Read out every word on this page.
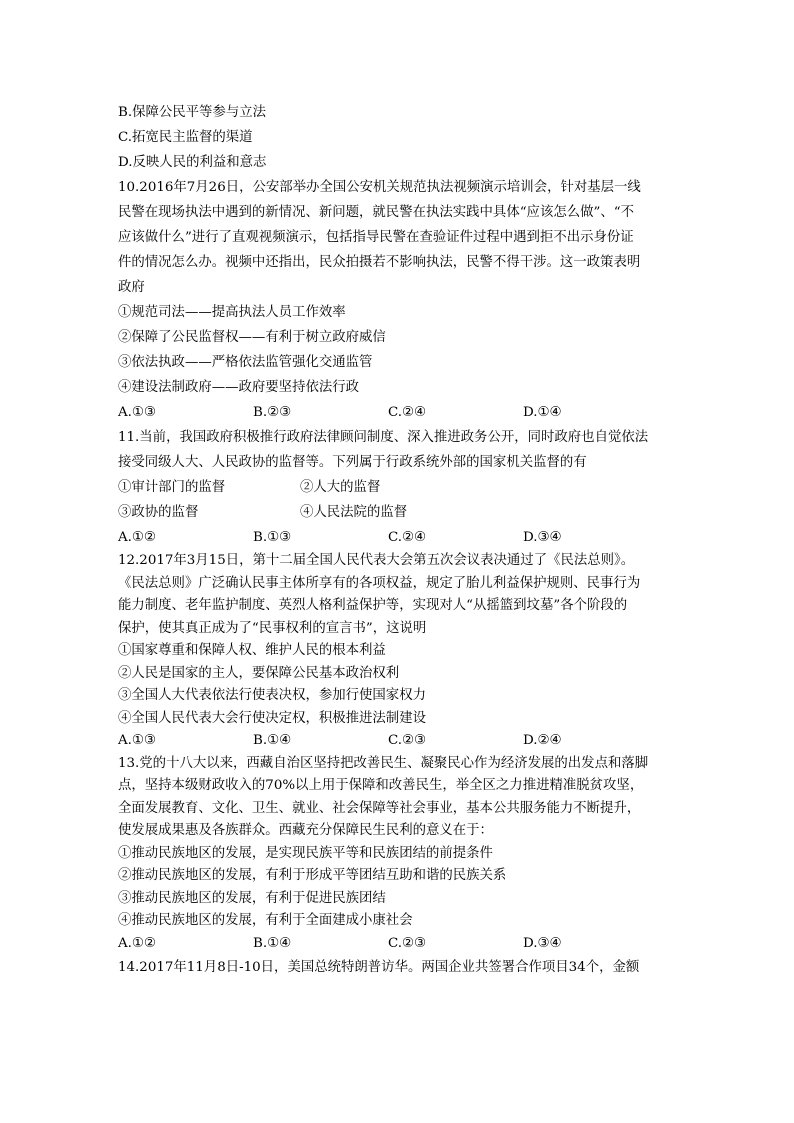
B.保障公民平等参与立法
C.拓宽民主监督的渠道
D.反映人民的利益和意志
10.2016年7月26日，公安部举办全国公安机关规范执法视频演示培训会，针对基层一线
民警在现场执法中遇到的新情况、新问题，就民警在执法实践中具体“应该怎么做”、“不
应该做什么”进行了直观视频演示，包括指导民警在查验证件过程中遇到拒不出示身份证
件的情况怎么办。视频中还指出，民众拍摄若不影响执法，民警不得干涉。这一政策表明
政府
①规范司法——提高执法人员工作效率
②保障了公民监督权——有利于树立政府威信
③依法执政——严格依法监管强化交通监管
④建设法制政府——政府要坚持依法行政
A.①③	B.②③	C.②④	D.①④
11.当前，我国政府积极推行政府法律顾问制度、深入推进政务公开，同时政府也自觉依法
接受同级人大、人民政协的监督等。下列属于行政系统外部的国家机关监督的有
①审计部门的监督	②人大的监督
③政协的监督	④人民法院的监督
A.①②	B.①③	C.②④	D.③④
12.2017年3月15日，第十二届全国人民代表大会第五次会议表决通过了《民法总则》。
《民法总则》广泛确认民事主体所享有的各项权益，规定了胎儿利益保护规则、民事行为
能力制度、老年监护制度、英烈人格利益保护等，实现对人“从摇篮到坟墓”各个阶段的
保护，使其真正成为了“民事权利的宣言书”，这说明
①国家尊重和保障人权、维护人民的根本利益
②人民是国家的主人，要保障公民基本政治权利
③全国人大代表依法行使表决权，参加行使国家权力
④全国人民代表大会行使决定权，积极推进法制建设
A.①③	B.①④	C.②③	D.②④
13.党的十八大以来，西藏自治区坚持把改善民生、凝聚民心作为经济发展的出发点和落脚
点，坚持本级财政收入的70%以上用于保障和改善民生，举全区之力推进精准脱贫攻坚，
全面发展教育、文化、卫生、就业、社会保障等社会事业，基本公共服务能力不断提升，
使发展成果惠及各族群众。西藏充分保障民生民利的意义在于：
①推动民族地区的发展，是实现民族平等和民族团结的前提条件
②推动民族地区的发展，有利于形成平等团结互助和谐的民族关系
③推动民族地区的发展，有利于促进民族团结
④推动民族地区的发展，有利于全面建成小康社会
A.①②	B.①④	C.②③	D.③④
14.2017年11月8日-10日，美国总统特朗普访华。两国企业共签署合作项目34个，金额
